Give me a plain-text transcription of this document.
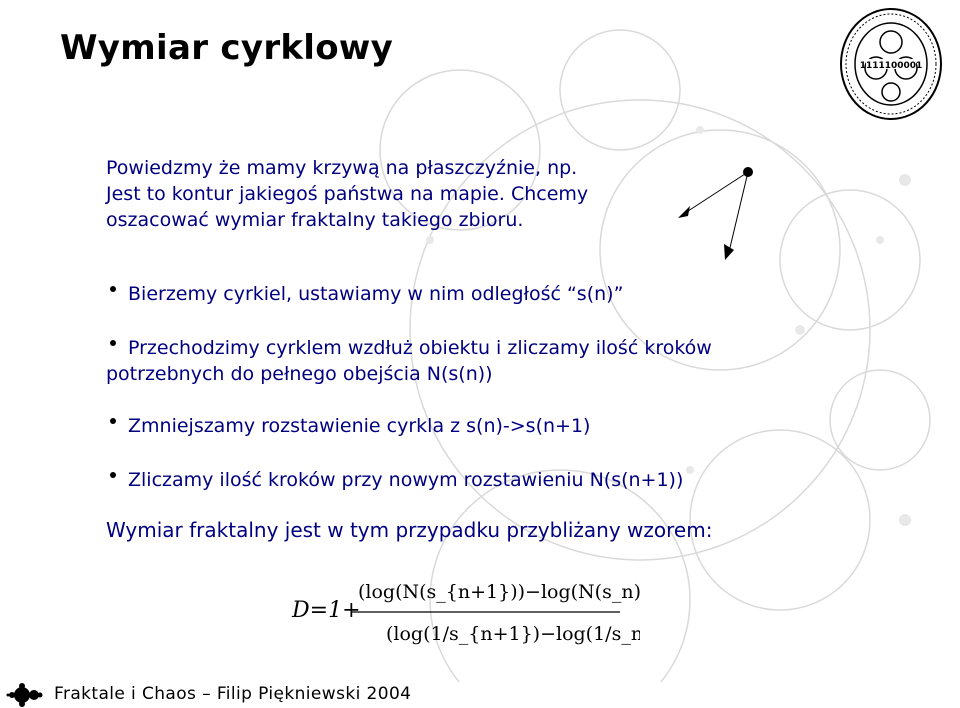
Wymiar cyrklowy	1111100001
Powiedzmy że mamy krzywą na płaszczyźnie, np.
Jest to kontur jakiegoś państwa na mapie. Chcemy
oszacować wymiar fraktalny takiego zbioru.
Bierzemy cyrkiel, ustawiamy w nim odległość “s(n)”
Przechodzimy cyrklem wzdłuż obiektu i zliczamy ilość kroków
potrzebnych do pełnego obejścia N(s(n))
Zmniejszamy rozstawienie cyrkla z s(n)->s(n+1)
Zliczamy ilość kroków przy nowym rozstawieniu N(s(n+1))
Wymiar fraktalny jest w tym przypadku przybliżany wzorem:
D=1+
(log(N(s_{n+1}))−log(N(s_n)))
(log(1/s_{n+1})−log(1/s_n))
Fraktale i Chaos – Filip Piękniewski 2004
